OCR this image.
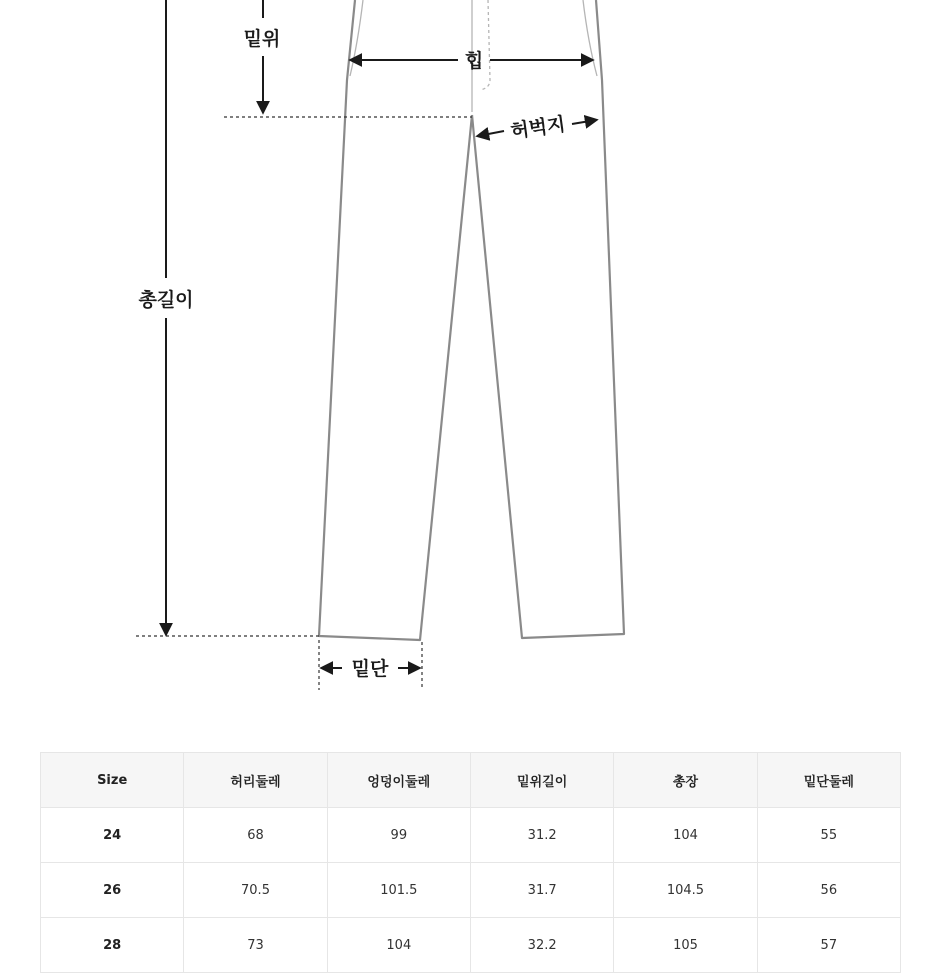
밑위
힙
허벅지
총길이
밑단
Size	허리둘레	엉덩이둘레	밑위길이	총장	밑단둘레
24	68	99	31.2	104	55
26	70.5	101.5	31.7	104.5	56
28	73	104	32.2	105	57
